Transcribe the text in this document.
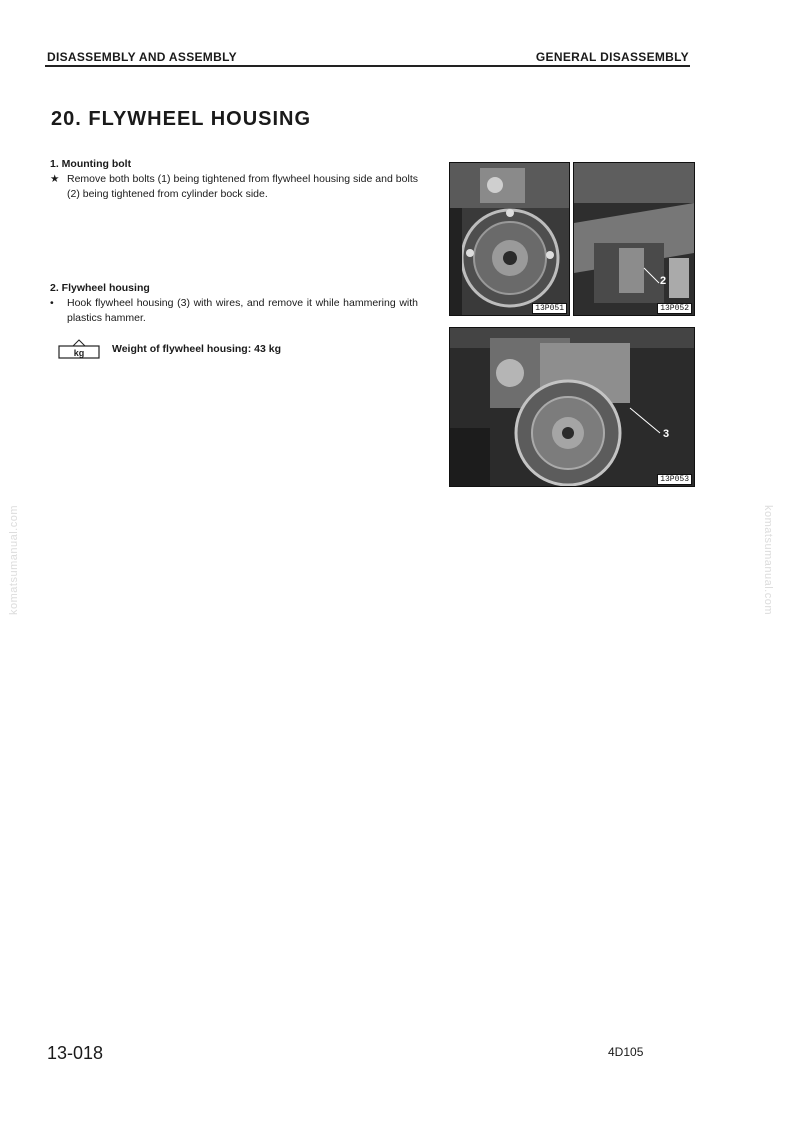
DISASSEMBLY AND ASSEMBLY	GENERAL DISASSEMBLY
20. FLYWHEEL HOUSING
1. Mounting bolt
★ Remove both bolts (1) being tightened from flywheel housing side and bolts (2) being tightened from cylinder bock side.
2. Flywheel housing
•	Hook flywheel housing (3) with wires, and remove it while hammering with plastics hammer.
kg	Weight of flywheel housing: 43 kg
13P051
2
13P052
3
13P053
13-018	4D105
komatsumanual.com	komatsumanual.com
